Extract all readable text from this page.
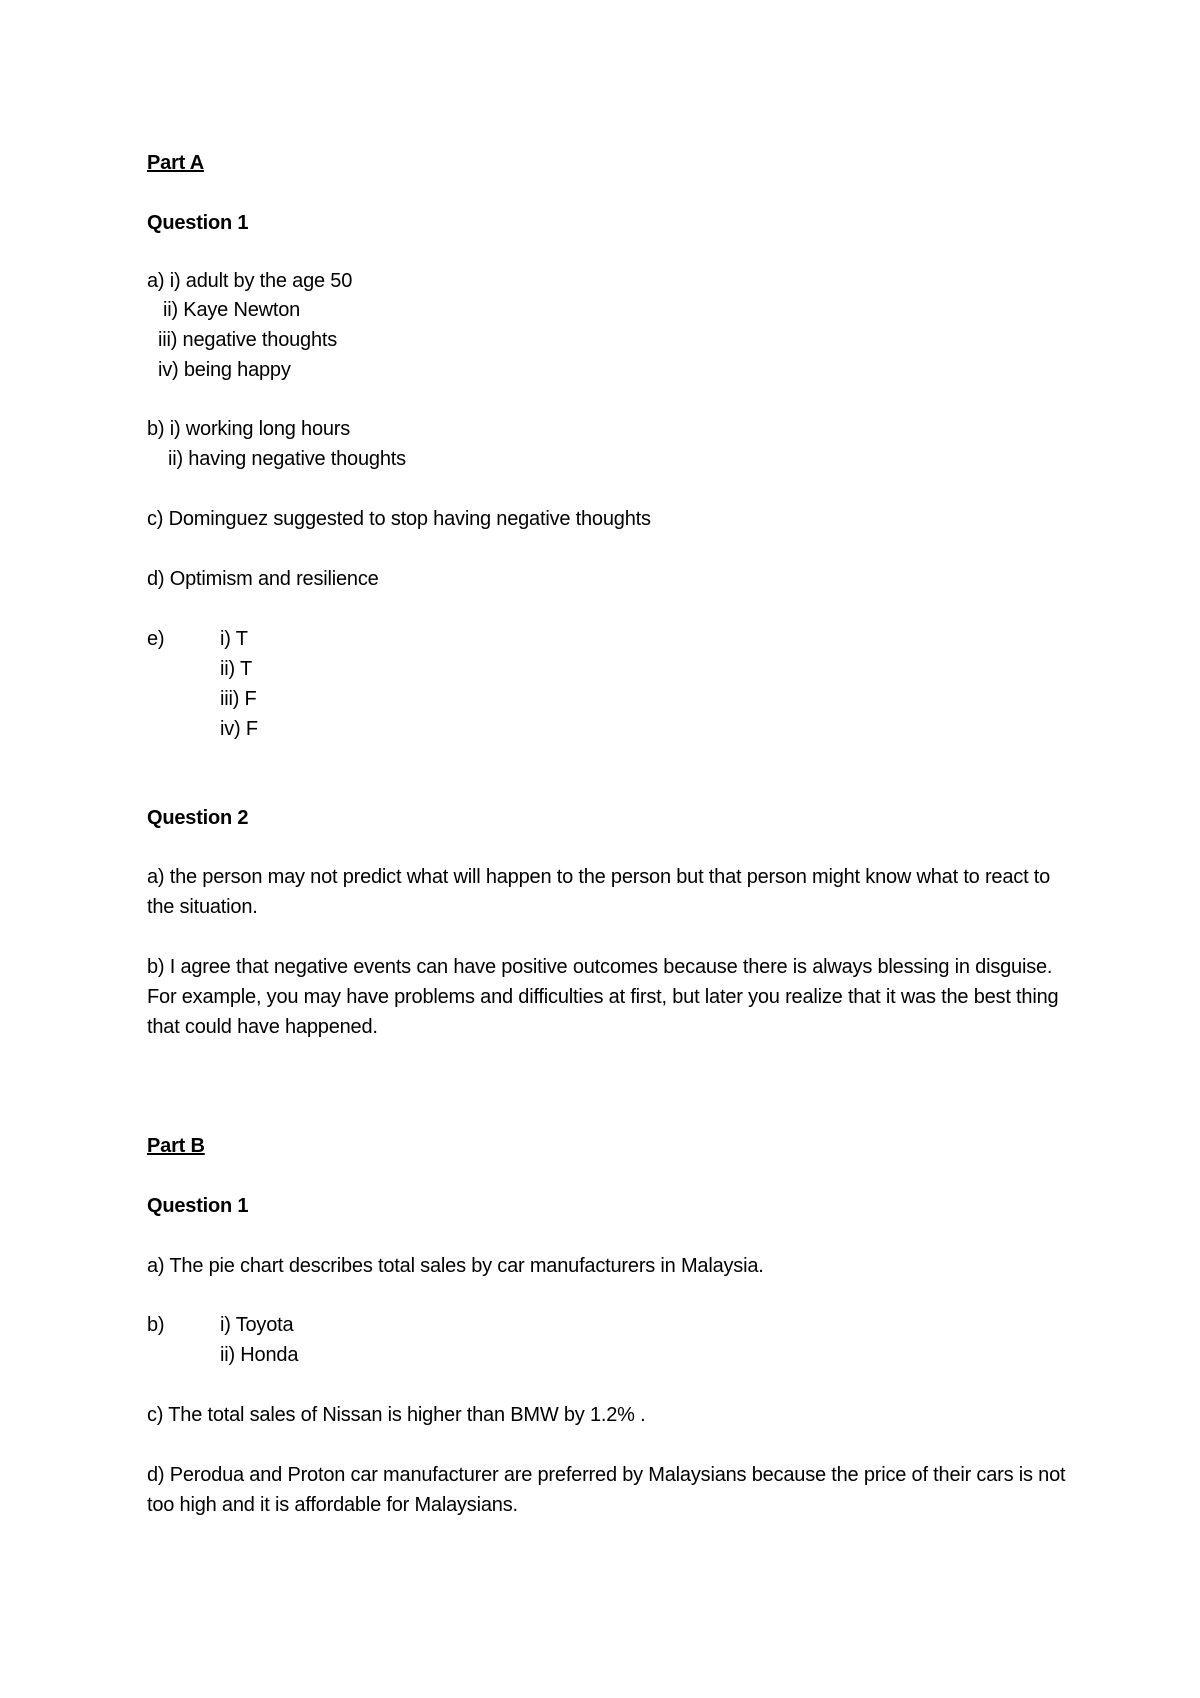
Part A
Question 1
a) i) adult by the age 50
ii) Kaye Newton
iii) negative thoughts
iv) being happy
b) i) working long hours
ii) having negative thoughts
c) Dominguez suggested to stop having negative thoughts
d) Optimism and resilience
e)	i) T
ii) T
iii) F
iv) F
Question 2
a) the person may not predict what will happen to the person but that person might know what to react to the situation.
b) I agree that negative events can have positive outcomes because there is always blessing in disguise. For example, you may have problems and difficulties at first, but later you realize that it was the best thing that could have happened.
Part B
Question 1
a) The pie chart describes total sales by car manufacturers in Malaysia.
b)	i) Toyota
ii) Honda
c) The total sales of Nissan is higher than BMW by 1.2% .
d) Perodua and Proton car manufacturer are preferred by Malaysians because the price of their cars is not too high and it is affordable for Malaysians.
